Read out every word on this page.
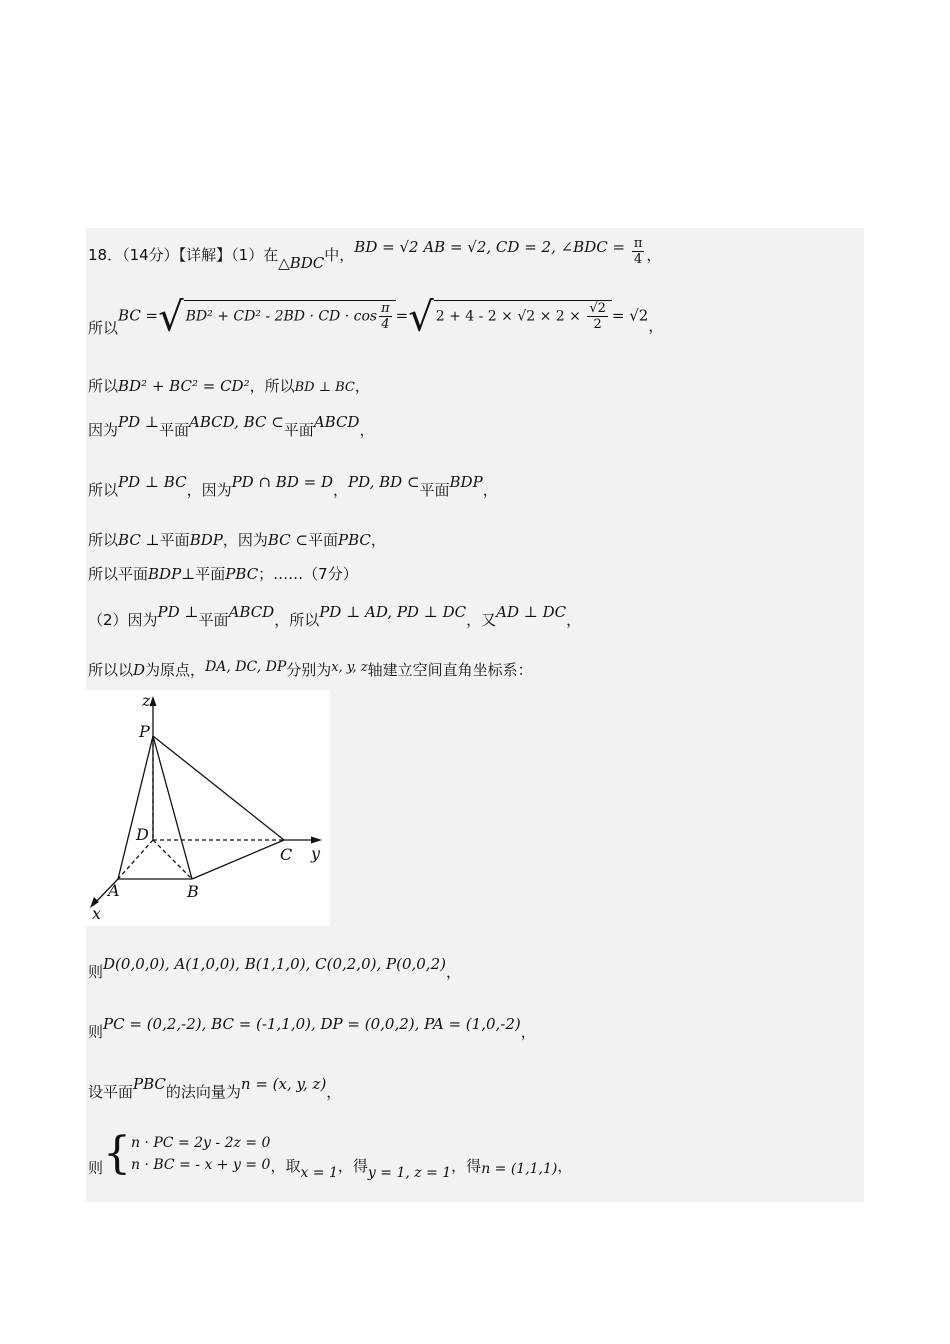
18．（14分）【详解】（1）在△BDC中，BD = √2 AB = √2, CD = 2, ∠BDC = $\frac{\pi}{4}$ ，
所以BC =√ BD² + CD² - 2BD · CD · $\cos \frac{\pi}{4}$ =√ $2 + 4 - 2 \times √2 \times 2 \times \frac{√2}{2} = √2$，
所以BD² + BC² = CD²，所以BD ⊥ BC，
因为PD ⊥平面ABCD, BC ⊂平面ABCD，
所以PD ⊥ BC，因为PD ∩ BD = D，PD, BD ⊂平面BDP，
所以BC ⊥平面BDP，因为BC ⊂平面PBC，
所以平面BDP⊥平面PBC；……（7分）
（2）因为PD ⊥平面ABCD，所以PD ⊥ AD, PD ⊥ DC，又AD ⊥ DC，
所以以D为原点，DA, DC, DP分别为x, y, z轴建立空间直角坐标系：
P
z
D
C y
A	B
x
则D(0,0,0), A(1,0,0), B(1,1,0), C(0,2,0), P(0,0,2)，
则PC = (0,2,-2), BC = (-1,1,0), DP = (0,0,2), PA = (1,0,-2)，
设平面PBC的法向量为n = (x, y, z)，
则{ n · PC = 2y - 2z = 0
n · BC = - x + y = 0 ，取x = 1，得y = 1, z = 1，得n = (1,1,1)，
